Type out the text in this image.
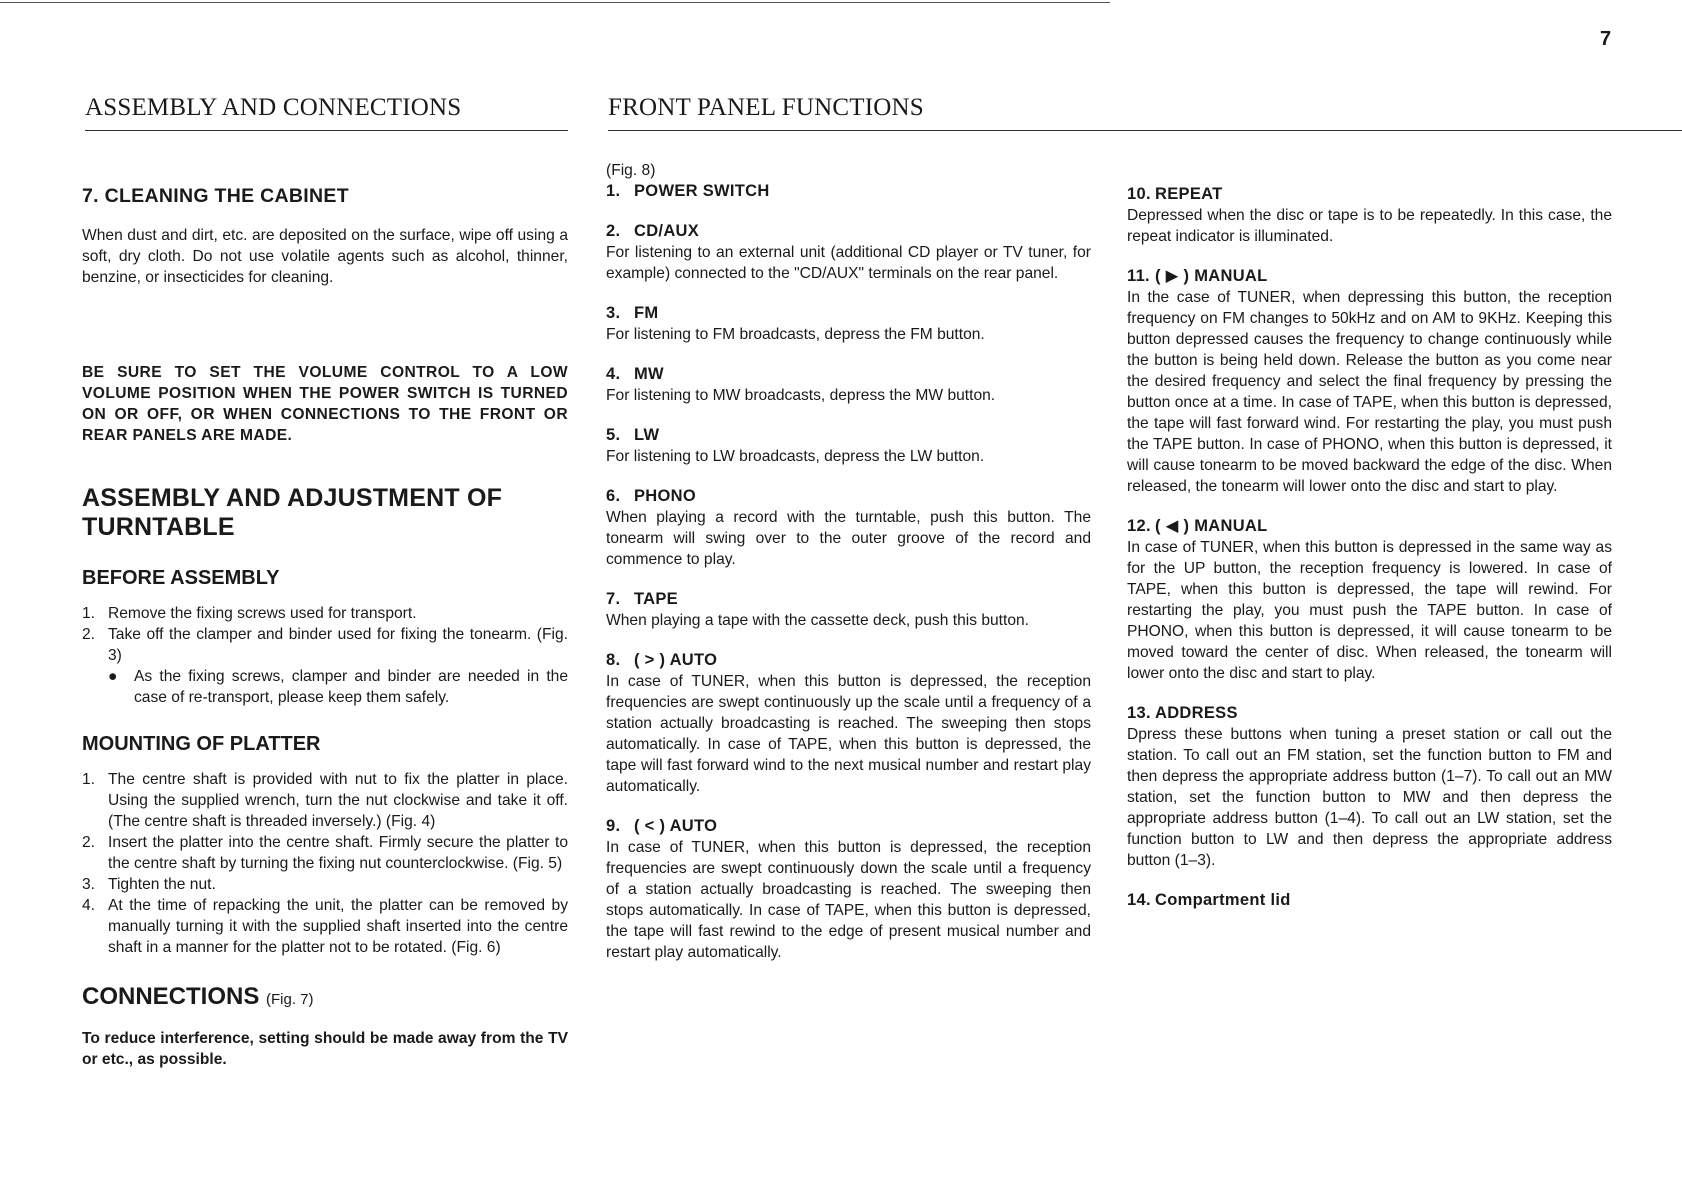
7
ASSEMBLY AND CONNECTIONS	FRONT PANEL FUNCTIONS
7. CLEANING THE CABINET

When dust and dirt, etc. are deposited on the surface, wipe off using a soft, dry cloth. Do not use volatile agents such as alcohol, thinner, benzine, or insecticides for cleaning.

BE SURE TO SET THE VOLUME CONTROL TO A LOW VOLUME POSITION WHEN THE POWER SWITCH IS TURNED ON OR OFF, OR WHEN CONNECTIONS TO THE FRONT OR REAR PANELS ARE MADE.

ASSEMBLY AND ADJUSTMENT OF TURNTABLE
BEFORE ASSEMBLY
1. Remove the fixing screws used for transport.
2. Take off the clamper and binder used for fixing the tonearm. (Fig. 3)
●	As the fixing screws, clamper and binder are needed in the case of re-transport, please keep them safely.
MOUNTING OF PLATTER
1. The centre shaft is provided with nut to fix the platter in place. Using the supplied wrench, turn the nut clockwise and take it off. (The centre shaft is threaded inversely.) (Fig. 4)
2. Insert the platter into the centre shaft. Firmly secure the platter to the centre shaft by turning the fixing nut counterclockwise. (Fig. 5)
3. Tighten the nut.
4. At the time of repacking the unit, the platter can be removed by manually turning it with the supplied shaft inserted into the centre shaft in a manner for the platter not to be rotated. (Fig. 6)
CONNECTIONS (Fig. 7)

To reduce interference, setting should be made away from the TV or etc., as possible.

(Fig. 8)

1. POWER SWITCH
2. CD/AUX

For listening to an external unit (additional CD player or TV tuner, for example) connected to the "CD/AUX" terminals on the rear panel.

3. FM

For listening to FM broadcasts, depress the FM button.

4. MW

For listening to MW broadcasts, depress the MW button.

5. LW

For listening to LW broadcasts, depress the LW button.

6. PHONO

When playing a record with the turntable, push this button. The tonearm will swing over to the outer groove of the record and commence to play.

7. TAPE

When playing a tape with the cassette deck, push this button.

8. ( > ) AUTO

In case of TUNER, when this button is depressed, the reception frequencies are swept continuously up the scale until a frequency of a station actually broadcasting is reached. The sweeping then stops automatically. In case of TAPE, when this button is depressed, the tape will fast forward wind to the next musical number and restart play automatically.

9. ( < ) AUTO

In case of TUNER, when this button is depressed, the reception frequencies are swept continuously down the scale until a frequency of a station actually broadcasting is reached. The sweeping then stops automatically. In case of TAPE, when this button is depressed, the tape will fast rewind to the edge of present musical number and restart play automatically.

10. REPEAT

Depressed when the disc or tape is to be repeatedly. In this case, the repeat indicator is illuminated.

11. ( ▶ ) MANUAL

In the case of TUNER, when depressing this button, the reception frequency on FM changes to 50kHz and on AM to 9KHz. Keeping this button depressed causes the frequency to change continuously while the button is being held down. Release the button as you come near the desired frequency and select the final frequency by pressing the button once at a time. In case of TAPE, when this button is depressed, the tape will fast forward wind. For restarting the play, you must push the TAPE button. In case of PHONO, when this button is depressed, it will cause tonearm to be moved backward the edge of the disc. When released, the tonearm will lower onto the disc and start to play.

12. ( ◀ ) MANUAL

In case of TUNER, when this button is depressed in the same way as for the UP button, the reception frequency is lowered. In case of TAPE, when this button is depressed, the tape will rewind. For restarting the play, you must push the TAPE button. In case of PHONO, when this button is depressed, it will cause tonearm to be moved toward the center of disc. When released, the tonearm will lower onto the disc and start to play.

13. ADDRESS

Dpress these buttons when tuning a preset station or call out the station. To call out an FM station, set the function button to FM and then depress the appropriate address button (1–7). To call out an MW station, set the function button to MW and then depress the appropriate address button (1–4). To call out an LW station, set the function button to LW and then depress the appropriate address button (1–3).

14. Compartment lid
